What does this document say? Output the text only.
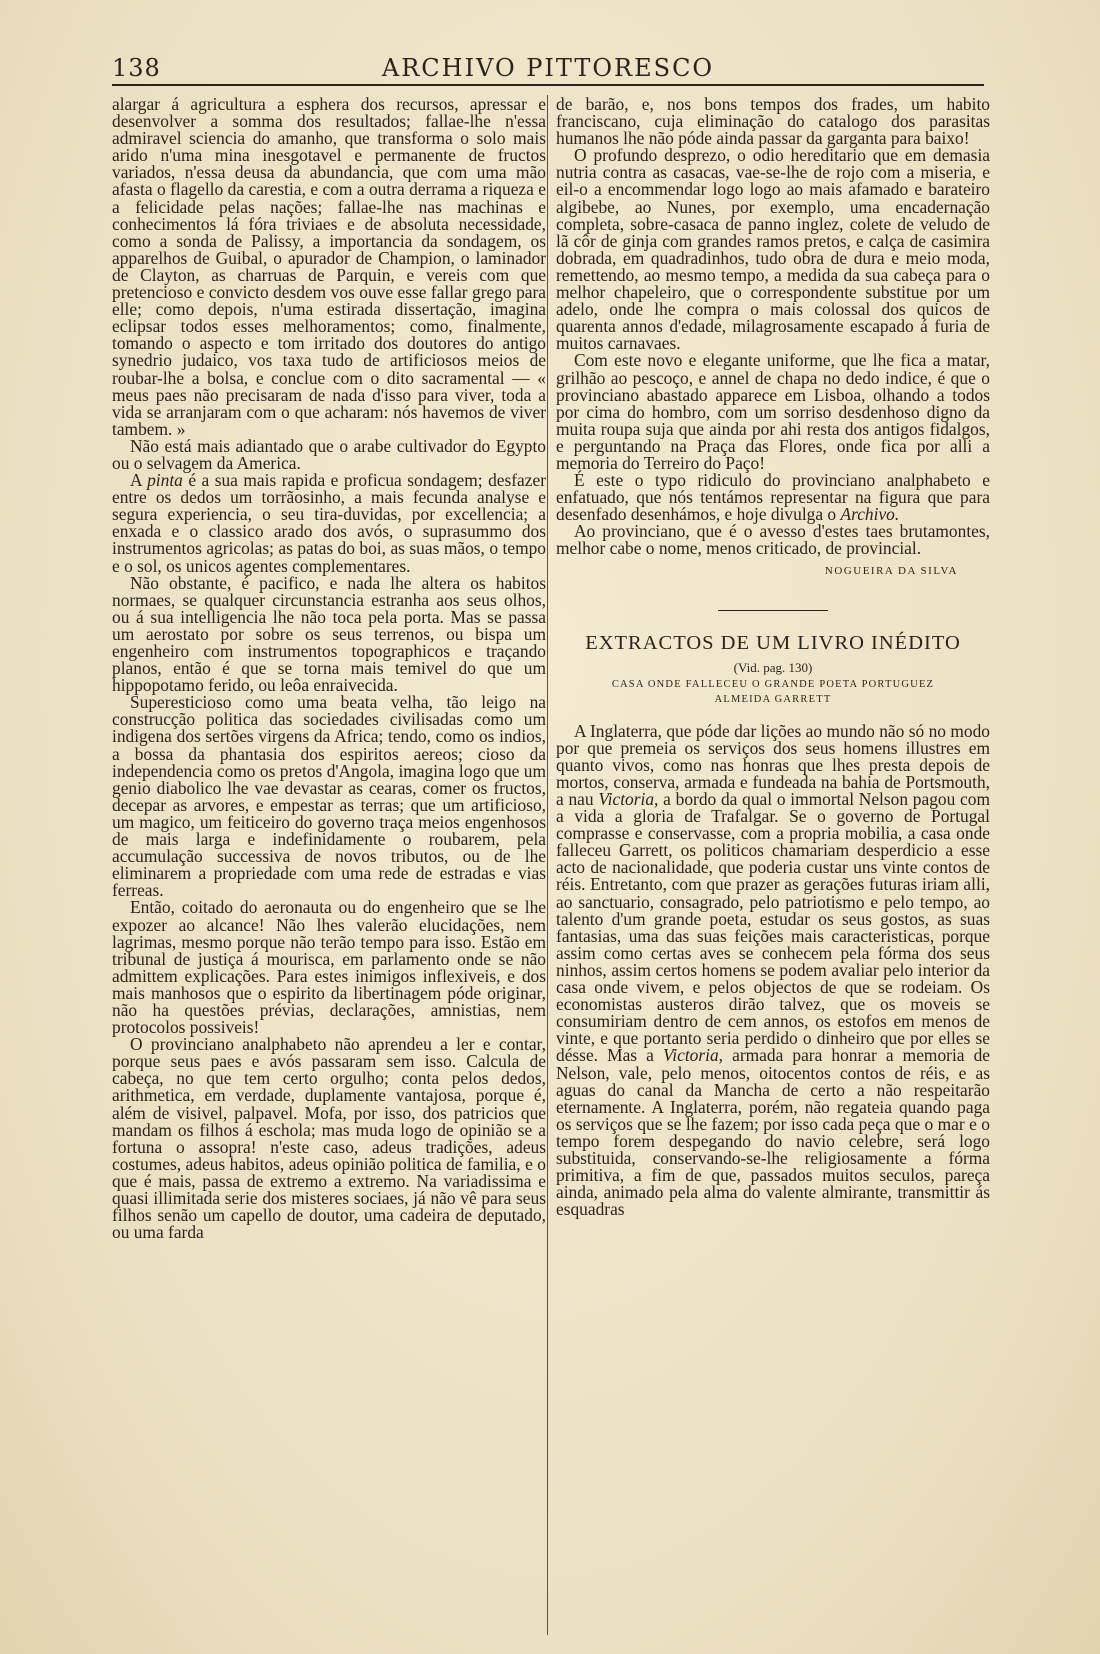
138	ARCHIVO PITTORESCO

alargar á agricultura a esphera dos recursos, apressar e desenvolver a somma dos resultados; fallae-lhe n'essa admiravel sciencia do amanho, que transforma o solo mais arido n'uma mina inesgotavel e permanente de fructos variados, n'essa deusa da abundancia, que com uma mão afasta o flagello da carestia, e com a outra derrama a riqueza e a felicidade pelas nações; fallae-lhe nas machinas e conhecimentos lá fóra triviaes e de absoluta necessidade, como a sonda de Palissy, a importancia da sondagem, os apparelhos de Guibal, o apurador de Champion, o laminador de Clayton, as charruas de Parquin, e vereis com que pretencioso e convicto desdem vos ouve esse fallar grego para elle; como depois, n'uma estirada dissertação, imagina eclipsar todos esses melhoramentos; como, finalmente, tomando o aspecto e tom irritado dos doutores do antigo synedrio judaico, vos taxa tudo de artificiosos meios de roubar-lhe a bolsa, e conclue com o dito sacramental — « meus paes não precisaram de nada d'isso para viver, toda a vida se arranjaram com o que acharam: nós havemos de viver tambem. »

Não está mais adiantado que o arabe cultivador do Egypto ou o selvagem da America.

A pinta é a sua mais rapida e proficua sondagem; desfazer entre os dedos um torrãosinho, a mais fecunda analyse e segura experiencia, o seu tira-duvidas, por excellencia; a enxada e o classico arado dos avós, o suprasummo dos instrumentos agricolas; as patas do boi, as suas mãos, o tempo e o sol, os unicos agentes complementares.

Não obstante, é pacifico, e nada lhe altera os habitos normaes, se qualquer circunstancia estranha aos seus olhos, ou á sua intelligencia lhe não toca pela porta. Mas se passa um aerostato por sobre os seus terrenos, ou bispa um engenheiro com instrumentos topographicos e traçando planos, então é que se torna mais temivel do que um hippopotamo ferido, ou leôa enraivecida.

Superesticioso como uma beata velha, tão leigo na construcção politica das sociedades civilisadas como um indigena dos sertões virgens da Africa; tendo, como os indios, a bossa da phantasia dos espiritos aereos; cioso da independencia como os pretos d'Angola, imagina logo que um genio diabolico lhe vae devastar as cearas, comer os fructos, decepar as arvores, e empestar as terras; que um artificioso, um magico, um feiticeiro do governo traça meios engenhosos de mais larga e indefinidamente o roubarem, pela accumulação successiva de novos tributos, ou de lhe eliminarem a propriedade com uma rede de estradas e vias ferreas.

Então, coitado do aeronauta ou do engenheiro que se lhe expozer ao alcance! Não lhes valerão elucidações, nem lagrimas, mesmo porque não terão tempo para isso. Estão em tribunal de justiça á mourisca, em parlamento onde se não admittem explicações. Para estes inimigos inflexiveis, e dos mais manhosos que o espirito da libertinagem póde originar, não ha questões prévias, declarações, amnistias, nem protocolos possiveis!

O provinciano analphabeto não aprendeu a ler e contar, porque seus paes e avós passaram sem isso. Calcula de cabeça, no que tem certo orgulho; conta pelos dedos, arithmetica, em verdade, duplamente vantajosa, porque é, além de visivel, palpavel. Mofa, por isso, dos patricios que mandam os filhos á eschola; mas muda logo de opinião se a fortuna o assopra! n'este caso, adeus tradições, adeus costumes, adeus habitos, adeus opinião politica de familia, e o que é mais, passa de extremo a extremo. Na variadissima e quasi illimitada serie dos misteres sociaes, já não vê para seus filhos senão um capello de doutor, uma cadeira de deputado, ou uma farda

de barão, e, nos bons tempos dos frades, um habito franciscano, cuja eliminação do catalogo dos parasitas humanos lhe não póde ainda passar da garganta para baixo!

O profundo desprezo, o odio hereditario que em demasia nutria contra as casacas, vae-se-lhe de rojo com a miseria, e eil-o a encommendar logo logo ao mais afamado e barateiro algibebe, ao Nunes, por exemplo, uma encadernação completa, sobre-casaca de panno inglez, colete de veludo de lã côr de ginja com grandes ramos pretos, e calça de casimira dobrada, em quadradinhos, tudo obra de dura e meio moda, remettendo, ao mesmo tempo, a medida da sua cabeça para o melhor chapeleiro, que o correspondente substitue por um adelo, onde lhe compra o mais colossal dos quicos de quarenta annos d'edade, milagrosamente escapado á furia de muitos carnavaes.

Com este novo e elegante uniforme, que lhe fica a matar, grilhão ao pescoço, e annel de chapa no dedo indice, é que o provinciano abastado apparece em Lisboa, olhando a todos por cima do hombro, com um sorriso desdenhoso digno da muita roupa suja que ainda por ahi resta dos antigos fidalgos, e perguntando na Praça das Flores, onde fica por alli a memoria do Terreiro do Paço!

É este o typo ridiculo do provinciano analphabeto e enfatuado, que nós tentámos representar na figura que para desenfado desenhámos, e hoje divulga o Archivo.

Ao provinciano, que é o avesso d'estes taes brutamontes, melhor cabe o nome, menos criticado, de provincial.

NOGUEIRA DA SILVA
EXTRACTOS DE UM LIVRO INÉDITO
(Vid. pag. 130)
CASA ONDE FALLECEU O GRANDE POETA PORTUGUEZ
ALMEIDA GARRETT

A Inglaterra, que póde dar lições ao mundo não só no modo por que premeia os serviços dos seus homens illustres em quanto vivos, como nas honras que lhes presta depois de mortos, conserva, armada e fundeada na bahia de Portsmouth, a nau Victoria, a bordo da qual o immortal Nelson pagou com a vida a gloria de Trafalgar. Se o governo de Portugal comprasse e conservasse, com a propria mobilia, a casa onde falleceu Garrett, os politicos chamariam desperdicio a esse acto de nacionalidade, que poderia custar uns vinte contos de réis. Entretanto, com que prazer as gerações futuras iriam alli, ao sanctuario, consagrado, pelo patriotismo e pelo tempo, ao talento d'um grande poeta, estudar os seus gostos, as suas fantasias, uma das suas feições mais caracteristicas, porque assim como certas aves se conhecem pela fórma dos seus ninhos, assim certos homens se podem avaliar pelo interior da casa onde vivem, e pelos objectos de que se rodeiam. Os economistas austeros dirão talvez, que os moveis se consumiriam dentro de cem annos, os estofos em menos de vinte, e que portanto seria perdido o dinheiro que por elles se désse. Mas a Victoria, armada para honrar a memoria de Nelson, vale, pelo menos, oitocentos contos de réis, e as aguas do canal da Mancha de certo a não respeitarão eternamente. A Inglaterra, porém, não regateia quando paga os serviços que se lhe fazem; por isso cada peça que o mar e o tempo forem despegando do navio celebre, será logo substituida, conservando-se-lhe religiosamente a fórma primitiva, a fim de que, passados muitos seculos, pareça ainda, animado pela alma do valente almirante, transmittir ás esquadras
